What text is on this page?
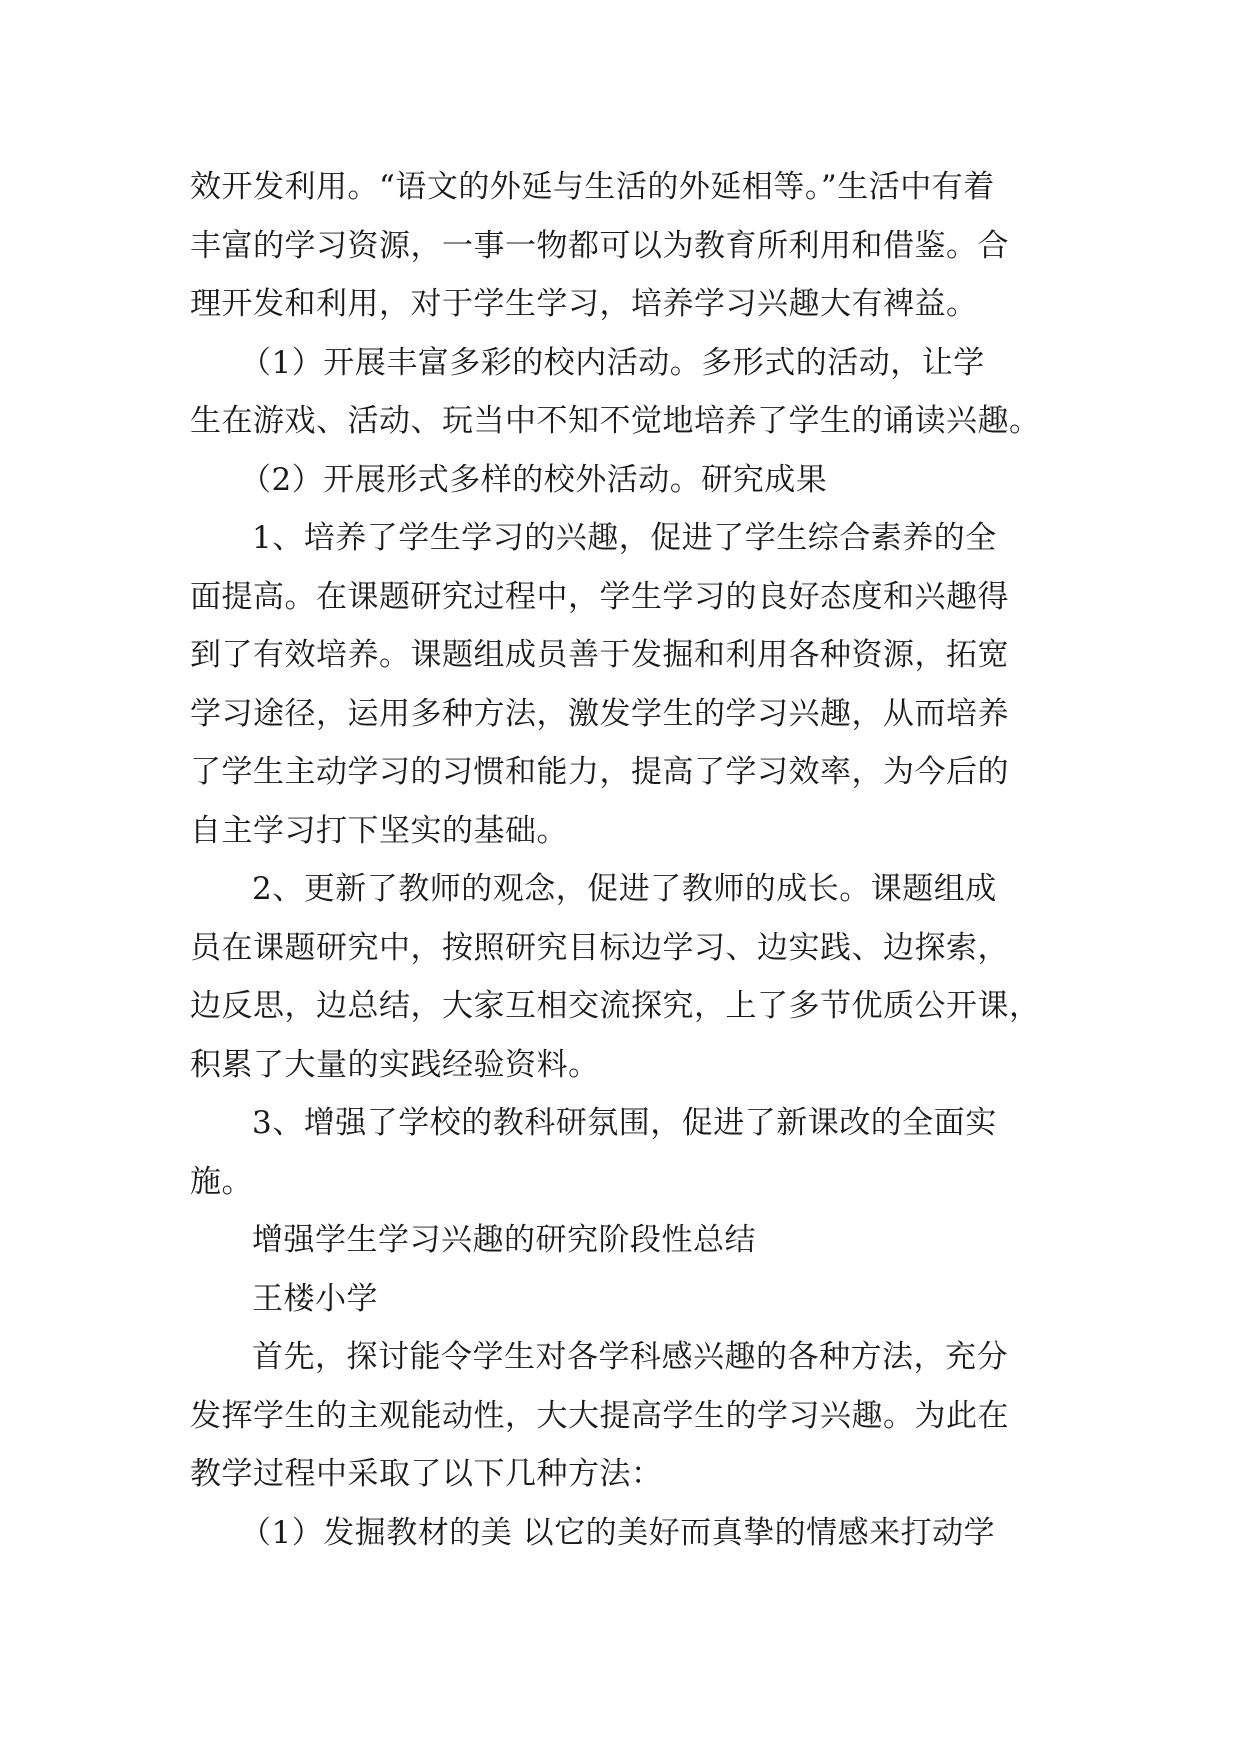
效开发利用。“语文的外延与生活的外延相等。”生活中有着
丰富的学习资源，一事一物都可以为教育所利用和借鉴。合
理开发和利用，对于学生学习，培养学习兴趣大有裨益。
（1）开展丰富多彩的校内活动。多形式的活动，让学
生在游戏、活动、玩当中不知不觉地培养了学生的诵读兴趣。
（2）开展形式多样的校外活动。研究成果
1、培养了学生学习的兴趣，促进了学生综合素养的全
面提高。在课题研究过程中，学生学习的良好态度和兴趣得
到了有效培养。课题组成员善于发掘和利用各种资源，拓宽
学习途径，运用多种方法，激发学生的学习兴趣，从而培养
了学生主动学习的习惯和能力，提高了学习效率，为今后的
自主学习打下坚实的基础。
2、更新了教师的观念，促进了教师的成长。课题组成
员在课题研究中，按照研究目标边学习、边实践、边探索，
边反思，边总结，大家互相交流探究，上了多节优质公开课，
积累了大量的实践经验资料。
3、增强了学校的教科研氛围，促进了新课改的全面实
施。
增强学生学习兴趣的研究阶段性总结
王楼小学
首先，探讨能令学生对各学科感兴趣的各种方法，充分
发挥学生的主观能动性，大大提高学生的学习兴趣。为此在
教学过程中采取了以下几种方法：
（1）发掘教材的美 以它的美好而真挚的情感来打动学
